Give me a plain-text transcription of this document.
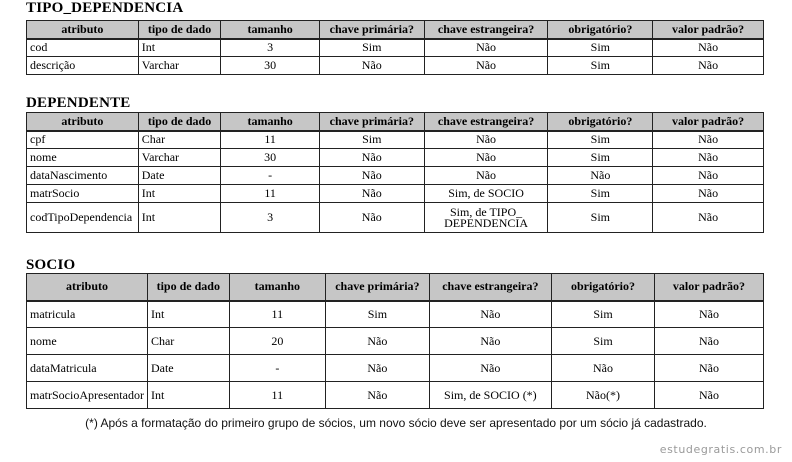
TIPO_DEPENDENCIA
atributo	tipo de dado	tamanho	chave primária?	chave estrangeira?	obrigatório?	valor padrão?
cod	Int	3	Sim	Não	Sim	Não
descrição	Varchar	30	Não	Não	Sim	Não
DEPENDENTE
atributo	tipo de dado	tamanho	chave primária?	chave estrangeira?	obrigatório?	valor padrão?
cpf	Char	11	Sim	Não	Sim	Não
nome	Varchar	30	Não	Não	Sim	Não
dataNascimento	Date	-	Não	Não	Não	Não
matrSocio	Int	11	Não	Sim, de SOCIO	Sim	Não
codTipoDependencia	Int	3	Não	Sim, de TIPO_ DEPENDENCIA	Sim	Não
SOCIO
atributo	tipo de dado	tamanho	chave primária?	chave estrangeira?	obrigatório?	valor padrão?
matricula	Int	11	Sim	Não	Sim	Não
nome	Char	20	Não	Não	Sim	Não
dataMatricula	Date	-	Não	Não	Não	Não
matrSocioApresentador	Int	11	Não	Sim, de SOCIO (*)	Não(*)	Não
(*) Após a formatação do primeiro grupo de sócios, um novo sócio deve ser apresentado por um sócio já cadastrado.
estudegratis.com.br
